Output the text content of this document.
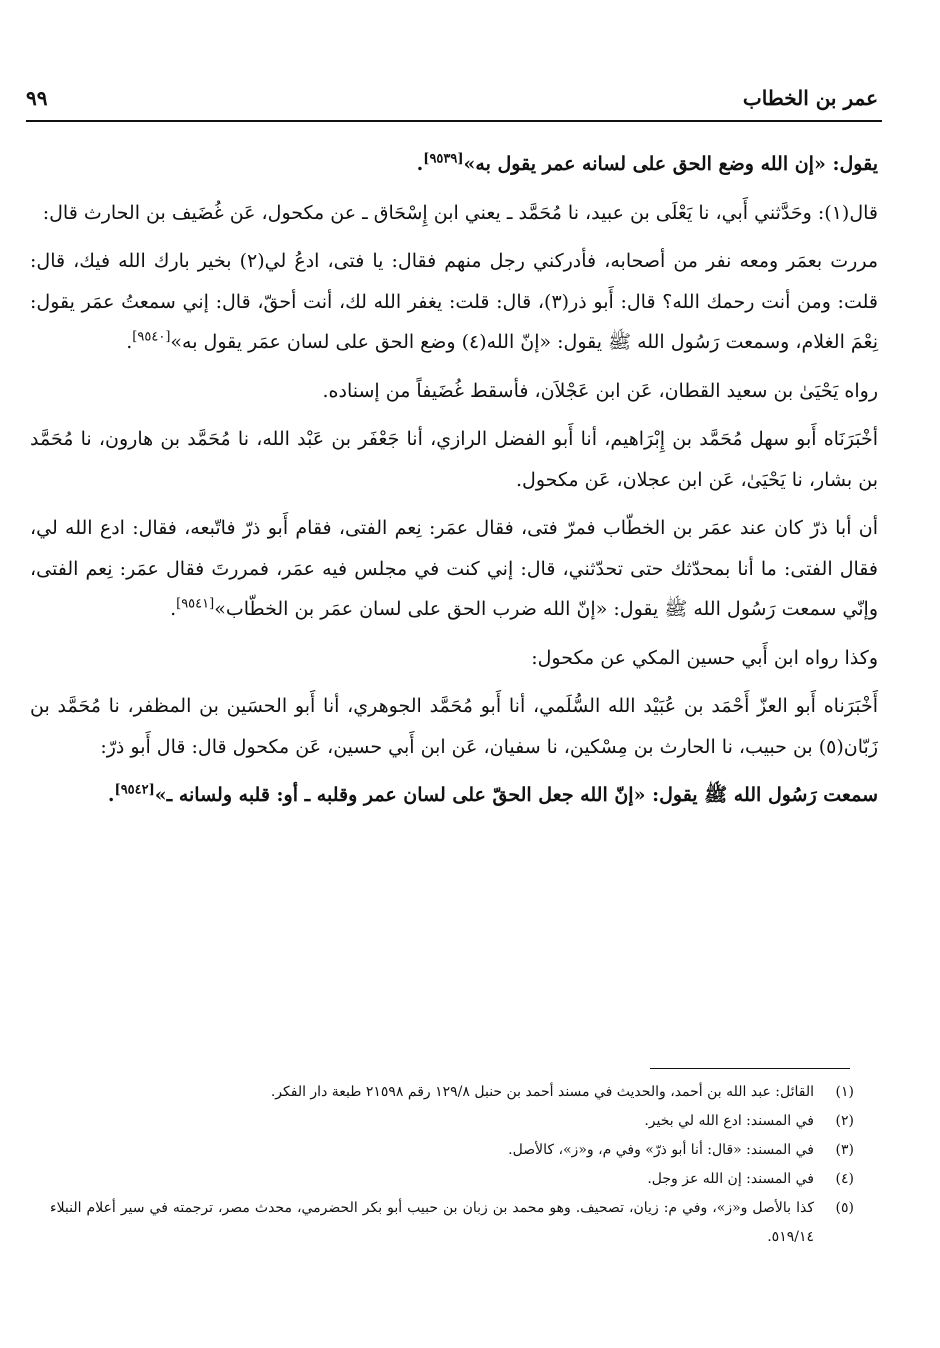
عمر بن الخطاب
٩٩

يقول: «إن الله وضع الحق على لسانه عمر يقول به»[٩٥٣٩].

قال(١): وحَدَّثني أَبي، نا يَعْلَى بن عبيد، نا مُحَمَّد ـ يعني ابن إِسْحَاق ـ عن مكحول، عَن غُضَيف بن الحارث قال:

مررت بعمَر ومعه نفر من أصحابه، فأدركني رجل منهم فقال: يا فتى، ادعُ لي(٢) بخير بارك الله فيك، قال: قلت: ومن أنت رحمك الله؟ قال: أَبو ذر(٣)، قال: قلت: يغفر الله لك، أنت أحقّ، قال: إني سمعتُ عمَر يقول: نِعْمَ الغلام، وسمعت رَسُول الله ﷺ يقول: «إنّ الله(٤) وضع الحق على لسان عمَر يقول به»[٩٥٤٠].

رواه يَحْيَىٰ بن سعيد القطان، عَن ابن عَجْلاَن، فأسقط غُضَيفاً من إسناده.

أخْبَرَنَاه أَبو سهل مُحَمَّد بن إِبْرَاهيم، أنا أَبو الفضل الرازي، أنا جَعْفَر بن عَبْد الله، نا مُحَمَّد بن هارون، نا مُحَمَّد بن بشار، نا يَحْيَىٰ، عَن ابن عجلان، عَن مكحول.

أن أبا ذرّ كان عند عمَر بن الخطّاب فمرّ فتى، فقال عمَر: نِعم الفتى، فقام أَبو ذرّ فاتّبعه، فقال: ادع الله لي، فقال الفتى: ما أنا بمحدّثك حتى تحدّثني، قال: إني كنت في مجلس فيه عمَر، فمررتَ فقال عمَر: نِعم الفتى، وإنّي سمعت رَسُول الله ﷺ يقول: «إنّ الله ضرب الحق على لسان عمَر بن الخطّاب»[٩٥٤١].

وكذا رواه ابن أَبي حسين المكي عن مكحول:

أَخْبَرَناه أَبو العزّ أَحْمَد بن عُبَيْد الله السُّلَمي، أنا أَبو مُحَمَّد الجوهري، أنا أَبو الحسَين بن المظفر، نا مُحَمَّد بن زَبّان(٥) بن حبيب، نا الحارث بن مِسْكين، نا سفيان، عَن ابن أَبي حسين، عَن مكحول قال: قال أَبو ذرّ:

سمعت رَسُول الله ﷺ يقول: «إنّ الله جعل الحقّ على لسان عمر وقلبه ـ أو: قلبه ولسانه ـ»[٩٥٤٢].

(١)
القائل: عبد الله بن أحمد، والحديث في مسند أحمد بن حنبل ١٢٩/٨ رقم ٢١٥٩٨ طبعة دار الفكر.
(٢)
في المسند: ادع الله لي بخير.
(٣)
في المسند: «قال: أنا أبو ذرّ» وفي م، و«ز»، كالأصل.
(٤)
في المسند: إن الله عز وجل.
(٥)
كذا بالأصل و«ز»، وفي م: زيان، تصحيف. وهو محمد بن زبان بن حبيب أبو بكر الحضرمي، محدث مصر، ترجمته في سير أعلام النبلاء ٥١٩/١٤.
